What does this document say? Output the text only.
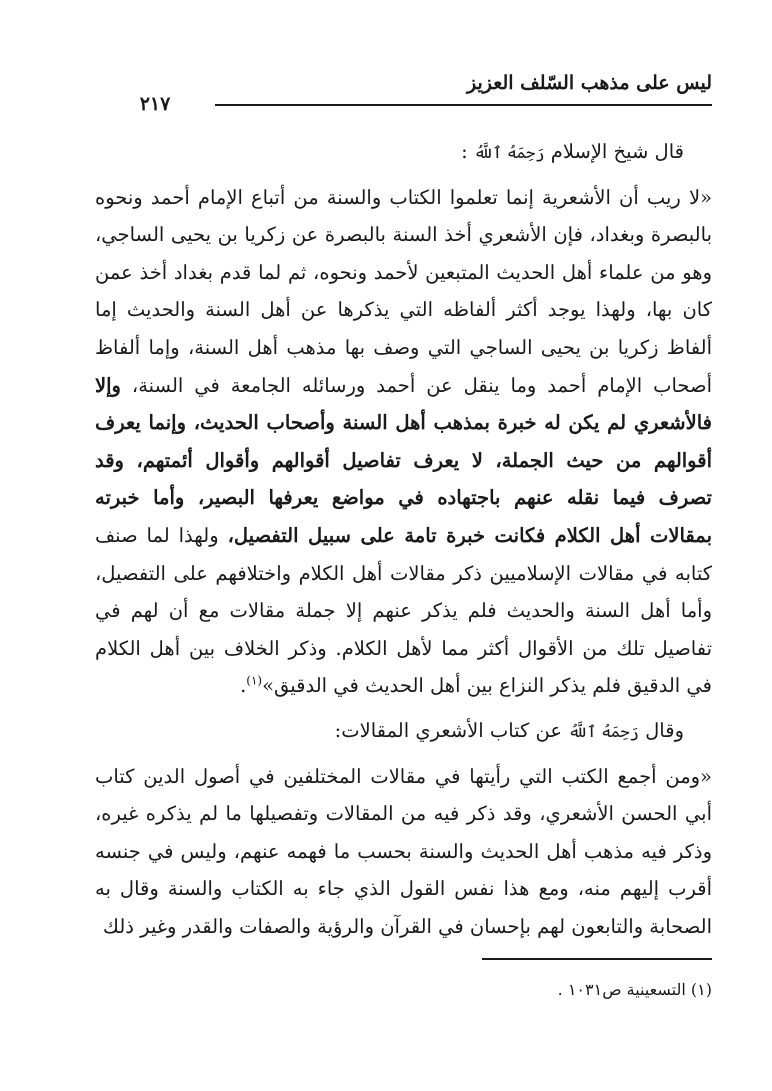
ليس على مذهب السّلف العزيز
٢١٧

قال شيخ الإسلام رَحِمَهُ ٱللَّهُ :

«لا ريب أن الأشعرية إنما تعلموا الكتاب والسنة من أتباع الإمام أحمد ونحوه بالبصرة وبغداد، فإن الأشعري أخذ السنة بالبصرة عن زكريا بن يحيى الساجي، وهو من علماء أهل الحديث المتبعين لأحمد ونحوه، ثم لما قدم بغداد أخذ عمن كان بها، ولهذا يوجد أكثر ألفاظه التي يذكرها عن أهل السنة والحديث إما ألفاظ زكريا بن يحيى الساجي التي وصف بها مذهب أهل السنة، وإما ألفاظ أصحاب الإمام أحمد وما ينقل عن أحمد ورسائله الجامعة في السنة، وإلا فالأشعري لم يكن له خبرة بمذهب أهل السنة وأصحاب الحديث، وإنما يعرف أقوالهم من حيث الجملة، لا يعرف تفاصيل أقوالهم وأقوال أئمتهم، وقد تصرف فيما نقله عنهم باجتهاده في مواضع يعرفها البصير، وأما خبرته بمقالات أهل الكلام فكانت خبرة تامة على سبيل التفصيل، ولهذا لما صنف كتابه في مقالات الإسلاميين ذكر مقالات أهل الكلام واختلافهم على التفصيل، وأما أهل السنة والحديث فلم يذكر عنهم إلا جملة مقالات مع أن لهم في تفاصيل تلك من الأقوال أكثر مما لأهل الكلام. وذكر الخلاف بين أهل الكلام في الدقيق فلم يذكر النزاع بين أهل الحديث في الدقيق»$^{(١)}$.

وقال رَحِمَهُ ٱللَّهُ عن كتاب الأشعري المقالات:

«ومن أجمع الكتب التي رأيتها في مقالات المختلفين في أصول الدين كتاب أبي الحسن الأشعري، وقد ذكر فيه من المقالات وتفصيلها ما لم يذكره غيره، وذكر فيه مذهب أهل الحديث والسنة بحسب ما فهمه عنهم، وليس في جنسه أقرب إليهم منه، ومع هذا نفس القول الذي جاء به الكتاب والسنة وقال به الصحابة والتابعون لهم بإحسان في القرآن والرؤية والصفات والقدر وغير ذلك

(١) التسعينية ص١٠٣١ .
